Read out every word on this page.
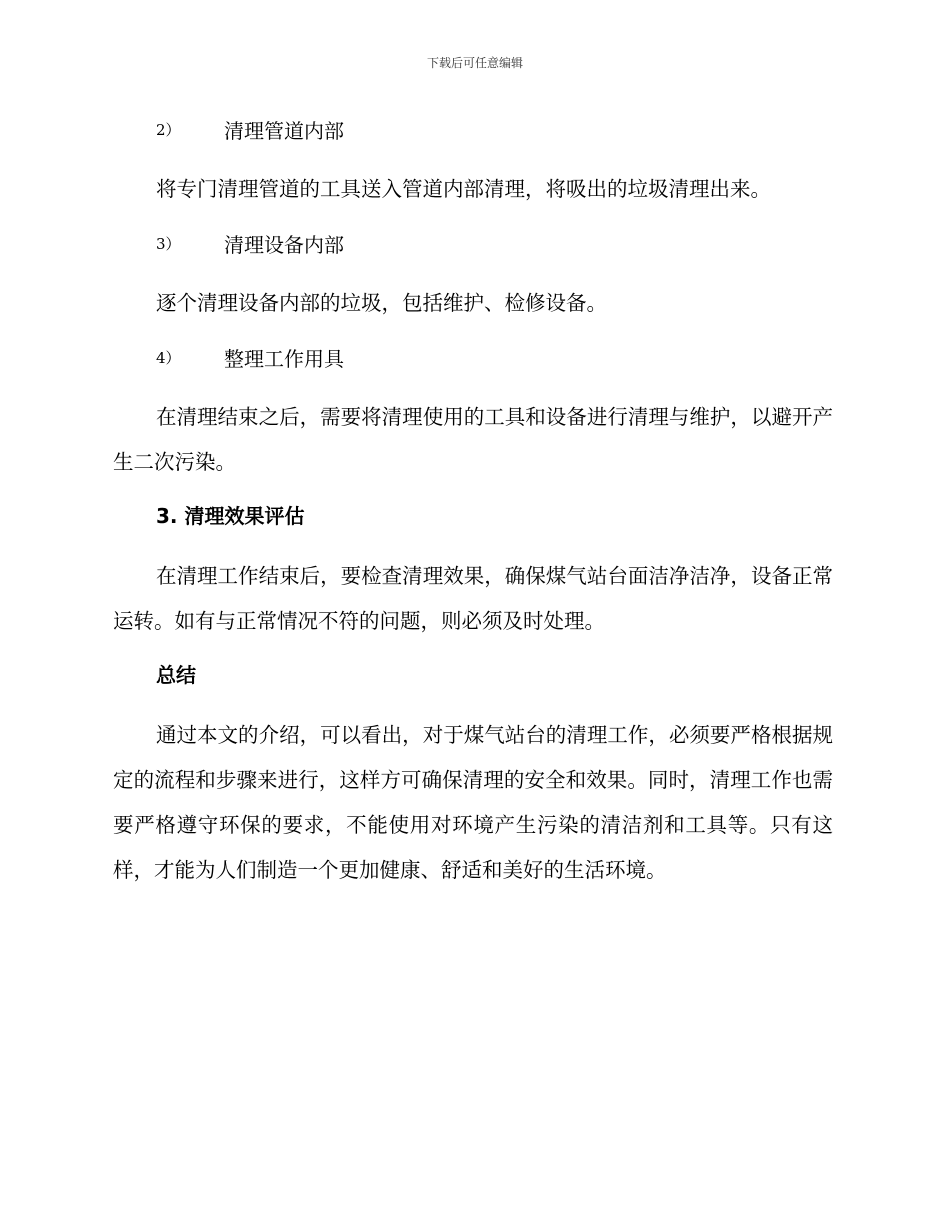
下载后可任意编辑
2）	清理管道内部

将专门清理管道的工具送入管道内部清理，将吸出的垃圾清理出来。

3）	清理设备内部

逐个清理设备内部的垃圾，包括维护、检修设备。

4）	整理工作用具

在清理结束之后，需要将清理使用的工具和设备进行清理与维护，以避开产生二次污染。

3. 清理效果评估

在清理工作结束后，要检查清理效果，确保煤气站台面洁净洁净，设备正常运转。如有与正常情况不符的问题，则必须及时处理。

总结

通过本文的介绍，可以看出，对于煤气站台的清理工作，必须要严格根据规定的流程和步骤来进行，这样方可确保清理的安全和效果。同时，清理工作也需要严格遵守环保的要求，不能使用对环境产生污染的清洁剂和工具等。只有这样，才能为人们制造一个更加健康、舒适和美好的生活环境。
